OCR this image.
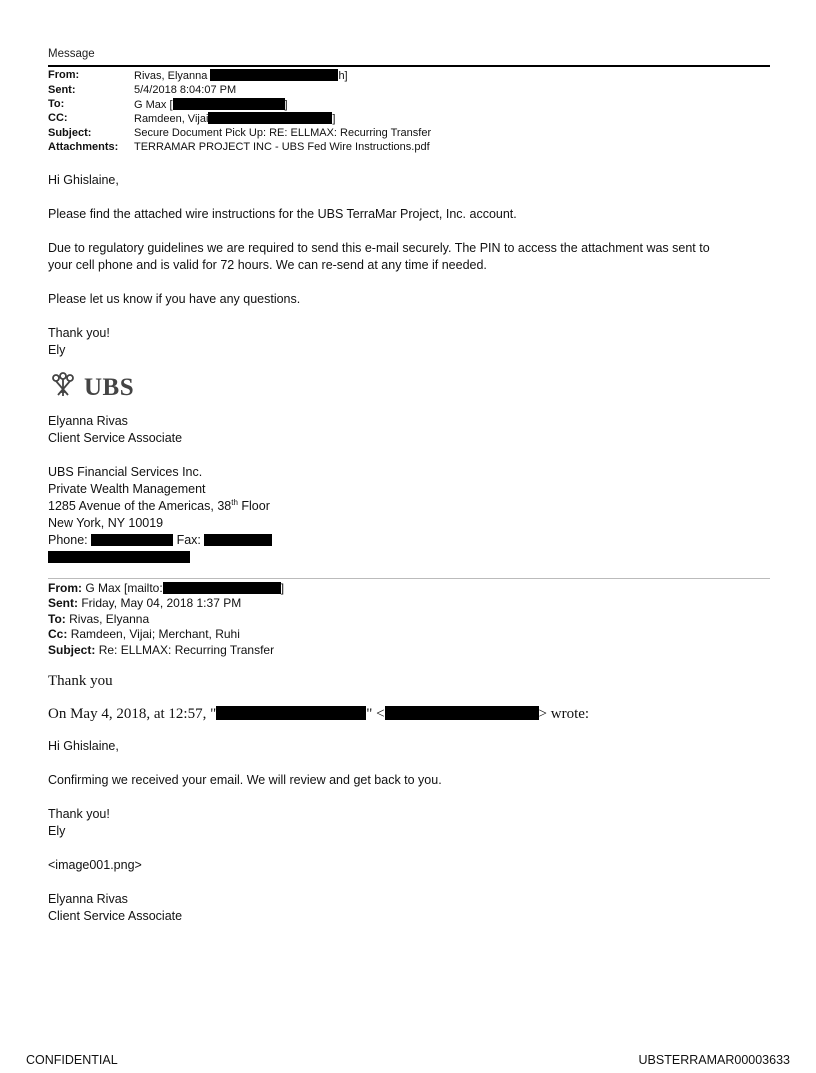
Message
From:	Rivas, Elyanna h]
Sent:	5/4/2018 8:04:07 PM
To:	G Max [ ]
CC:	Ramdeen, Vijai ]
Subject:	Secure Document Pick Up: RE: ELLMAX: Recurring Transfer
Attachments:	TERRAMAR PROJECT INC - UBS Fed Wire Instructions.pdf

Hi Ghislaine,

Please find the attached wire instructions for the UBS TerraMar Project, Inc. account.

Due to regulatory guidelines we are required to send this e-mail securely. The PIN to access the attachment was sent to

your cell phone and is valid for 72 hours. We can re-send at any time if needed.

Please let us know if you have any questions.

Thank you!

Ely

UBS

Elyanna Rivas

Client Service Associate

UBS Financial Services Inc.

Private Wealth Management

1285 Avenue of the Americas, 38th Floor

New York, NY 10019

Phone:	Fax:

From: G Max [mailto:	]
Sent: Friday, May 04, 2018 1:37 PM
To: Rivas, Elyanna
Cc: Ramdeen, Vijai; Merchant, Ruhi
Subject: Re: ELLMAX: Recurring Transfer

Thank you

On May 4, 2018, at 12:57, "	" <	> wrote:

Hi Ghislaine,

Confirming we received your email. We will review and get back to you.

Thank you!

Ely

<image001.png>

Elyanna Rivas

Client Service Associate

CONFIDENTIAL	UBSTERRAMAR00003633
